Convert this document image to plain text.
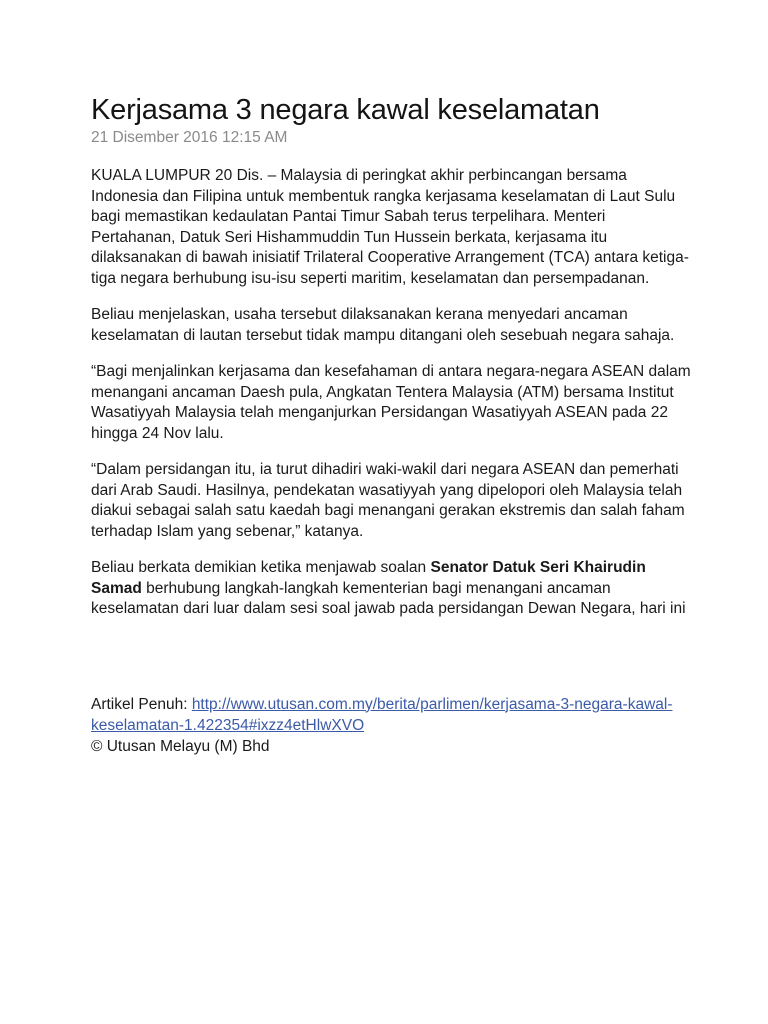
Kerjasama 3 negara kawal keselamatan

21 Disember 2016 12:15 AM

KUALA LUMPUR 20 Dis. – Malaysia di peringkat akhir perbincangan bersama Indonesia dan Filipina untuk membentuk rangka kerjasama keselamatan di Laut Sulu bagi memastikan kedaulatan Pantai Timur Sabah terus terpelihara. Menteri Pertahanan, Datuk Seri Hishammuddin Tun Hussein berkata, kerjasama itu dilaksanakan di bawah inisiatif Trilateral Cooperative Arrangement (TCA) antara ketiga-tiga negara berhubung isu-isu seperti maritim, keselamatan dan persempadanan.

Beliau menjelaskan, usaha tersebut dilaksanakan kerana menyedari ancaman keselamatan di lautan tersebut tidak mampu ditangani oleh sesebuah negara sahaja.

“Bagi menjalinkan kerjasama dan kesefahaman di antara negara-negara ASEAN dalam menangani ancaman Daesh pula, Angkatan Tentera Malaysia (ATM) bersama Institut Wasatiyyah Malaysia telah menganjurkan Persidangan Wasatiyyah ASEAN pada 22 hingga 24 Nov lalu.

“Dalam persidangan itu, ia turut dihadiri waki-wakil dari negara ASEAN dan pemerhati dari Arab Saudi. Hasilnya, pendekatan wasatiyyah yang dipelopori oleh Malaysia telah diakui sebagai salah satu kaedah bagi menangani gerakan ekstremis dan salah faham terhadap Islam yang sebenar,” katanya.

Beliau berkata demikian ketika menjawab soalan Senator Datuk Seri Khairudin Samad berhubung langkah-langkah kementerian bagi menangani ancaman keselamatan dari luar dalam sesi soal jawab pada persidangan Dewan Negara, hari ini

Artikel Penuh: http://www.utusan.com.my/berita/parlimen/kerjasama-3-negara-kawal-keselamatan-1.422354#ixzz4etHlwXVO

© Utusan Melayu (M) Bhd
